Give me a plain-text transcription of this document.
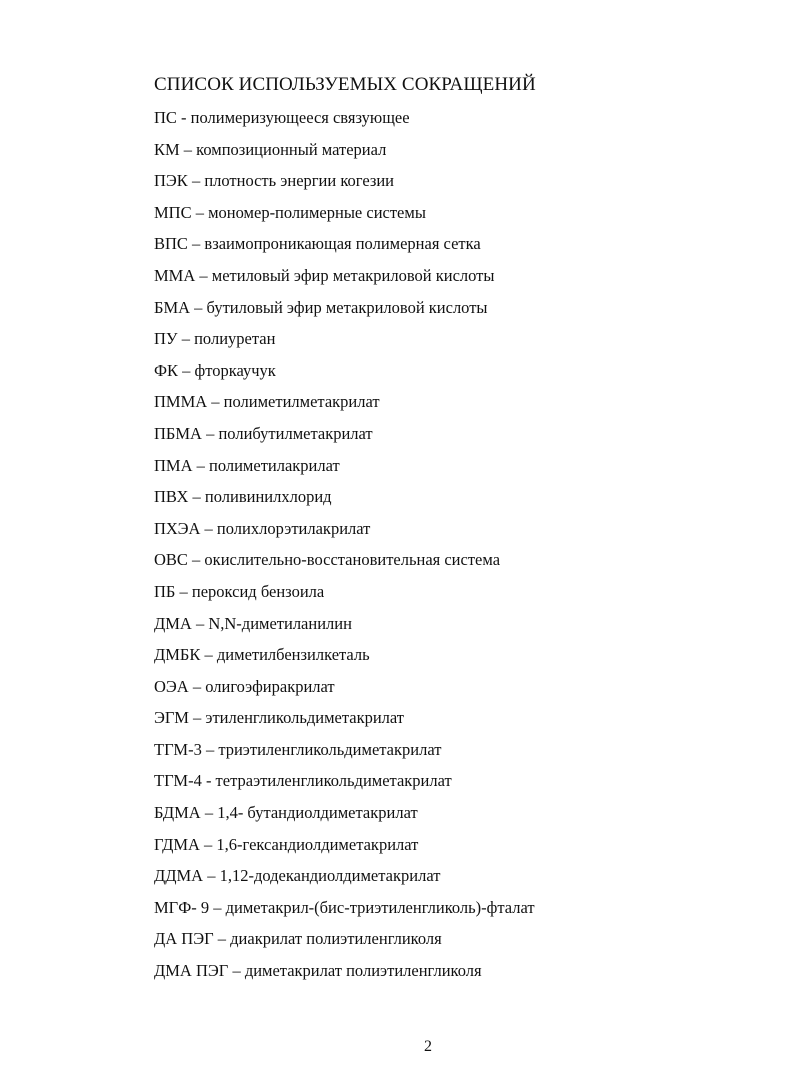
СПИСОК ИСПОЛЬЗУЕМЫХ СОКРАЩЕНИЙ
ПС - полимеризующееся связующее
КМ – композиционный материал
ПЭК – плотность энергии когезии
МПС – мономер-полимерные системы
ВПС – взаимопроникающая полимерная сетка
ММА – метиловый эфир метакриловой кислоты
БМА – бутиловый эфир метакриловой кислоты
ПУ – полиуретан
ФК – фторкаучук
ПММА – полиметилметакрилат
ПБМА – полибутилметакрилат
ПМА – полиметилакрилат
ПВХ – поливинилхлорид
ПХЭА – полихлорэтилакрилат
ОВС – окислительно-восстановительная система
ПБ – пероксид бензоила
ДМА – N,N-диметиланилин
ДМБК – диметилбензилкеталь
ОЭА – олигоэфиракрилат
ЭГМ – этиленгликольдиметакрилат
ТГМ-3 – триэтиленгликольдиметакрилат
ТГМ-4 - тетраэтиленгликольдиметакрилат
БДМА – 1,4- бутандиолдиметакрилат
ГДМА – 1,6-гександиолдиметакрилат
ДДМА – 1,12-додекандиолдиметакрилат
МГФ- 9 – диметакрил-(бис-триэтиленгликоль)-фталат
ДА ПЭГ – диакрилат полиэтиленгликоля
ДМА ПЭГ – диметакрилат полиэтиленгликоля
2
